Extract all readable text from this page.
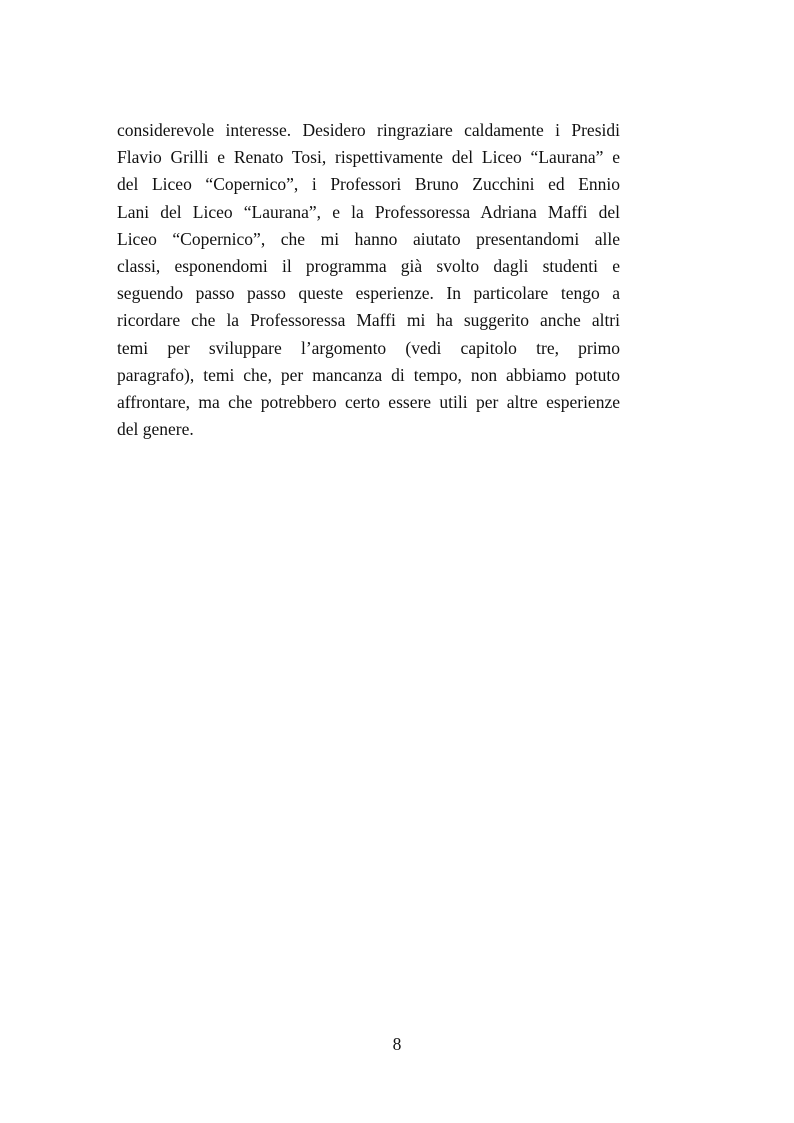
considerevole interesse. Desidero ringraziare caldamente i Presidi
Flavio Grilli e Renato Tosi, rispettivamente del Liceo “Laurana” e
del Liceo “Copernico”, i Professori Bruno Zucchini ed Ennio
Lani del Liceo “Laurana”, e la Professoressa Adriana Maffi del
Liceo “Copernico”, che mi hanno aiutato presentandomi alle
classi, esponendomi il programma già svolto dagli studenti e
seguendo passo passo queste esperienze. In particolare tengo a
ricordare che la Professoressa Maffi mi ha suggerito anche altri
temi per sviluppare l’argomento (vedi capitolo tre, primo
paragrafo), temi che, per mancanza di tempo, non abbiamo potuto
affrontare, ma che potrebbero certo essere utili per altre esperienze
del genere.
8
